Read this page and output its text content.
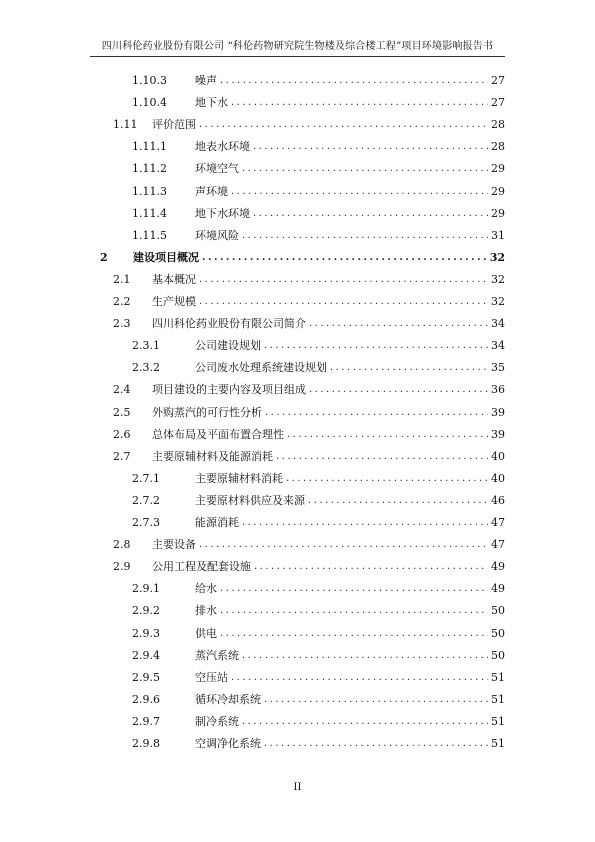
四川科伦药业股份有限公司 “科伦药物研究院生物楼及综合楼工程”项目环境影响报告书
1.10.3	噪声 .....	27
1.10.4	地下水 .....	27
1.11	评价范围 .....	28
1.11.1	地表水环境 .....	28
1.11.2	环境空气 .....	29
1.11.3	声环境 .....	29
1.11.4	地下水环境 .....	29
1.11.5	环境风险 .....	31
2	建设项目概况 .....	32
2.1	基本概况 .....	32
2.2	生产规模 .....	32
2.3	四川科伦药业股份有限公司简介 .....	34
2.3.1	公司建设规划 .....	34
2.3.2	公司废水处理系统建设规划 .....	35
2.4	项目建设的主要内容及项目组成 .....	36
2.5	外购蒸汽的可行性分析 .....	39
2.6	总体布局及平面布置合理性 .....	39
2.7	主要原辅材料及能源消耗 .....	40
2.7.1	主要原辅材料消耗 .....	40
2.7.2	主要原材料供应及来源 .....	46
2.7.3	能源消耗 .....	47
2.8	主要设备 .....	47
2.9	公用工程及配套设施 .....	49
2.9.1	给水 .....	49
2.9.2	排水 .....	50
2.9.3	供电 .....	50
2.9.4	蒸汽系统 .....	50
2.9.5	空压站 .....	51
2.9.6	循环冷却系统 .....	51
2.9.7	制冷系统 .....	51
2.9.8	空调净化系统 .....	51
II
